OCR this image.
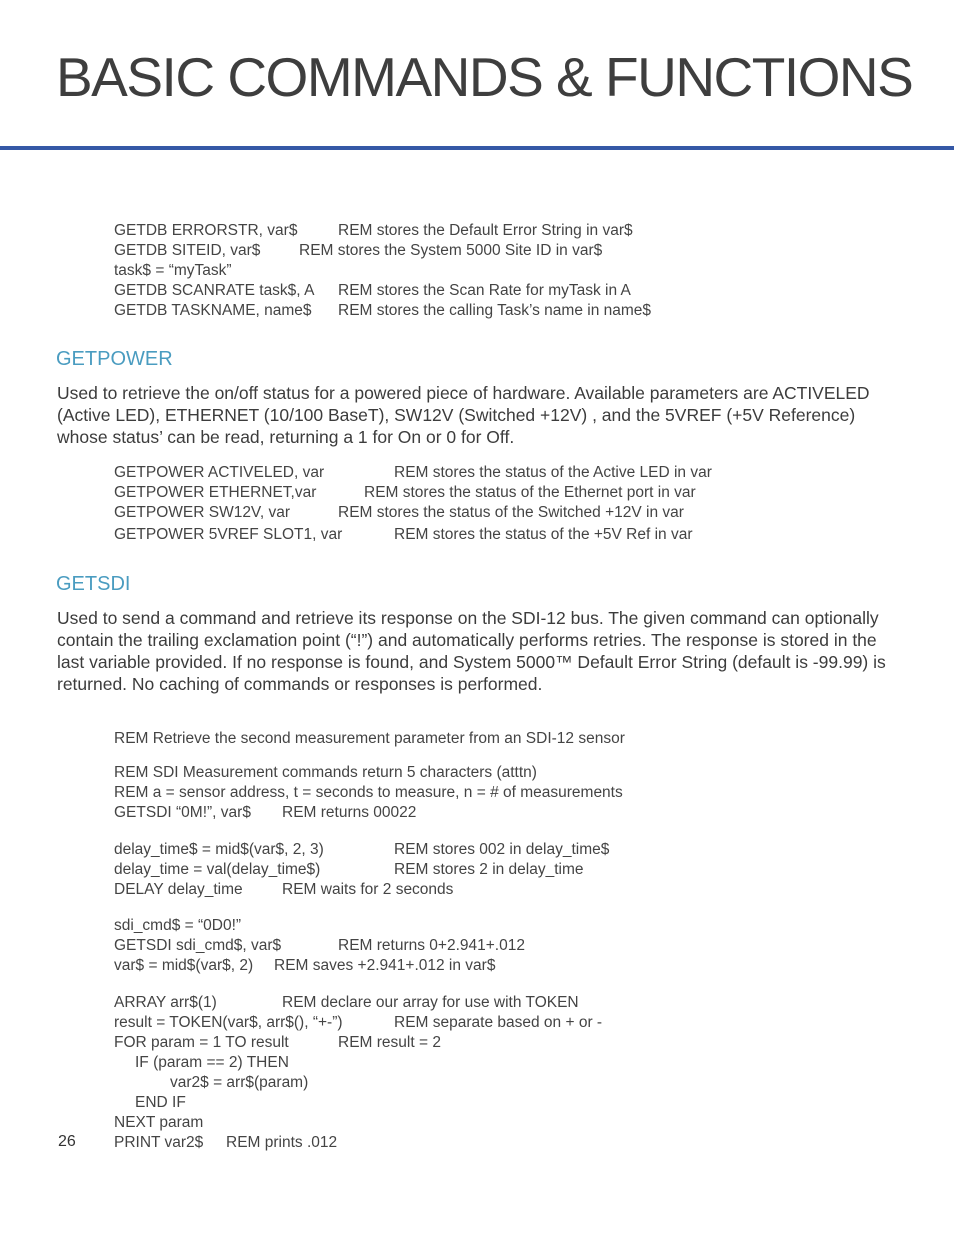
BASIC COMMANDS & FUNCTIONS
GETDB ERRORSTR, var$	REM stores the Default Error String in var$
GETDB SITEID, var$ REM stores the System 5000 Site ID in var$
task$ = “myTask”
GETDB SCANRATE task$, A REM stores the Scan Rate for myTask in A
GETDB TASKNAME, name$ REM stores the calling Task’s name in name$
GETPOWER
Used to retrieve the on/off status for a powered piece of hardware. Available parameters are ACTIVELED (Active LED), ETHERNET (10/100 BaseT), SW12V (Switched +12V) , and the 5VREF (+5V Reference) whose status’ can be read, returning a 1 for On or 0 for Off.
GETPOWER ACTIVELED, var	REM stores the status of the Active LED in var
GETPOWER ETHERNET,var	REM stores the status of the Ethernet port in var
GETPOWER SW12V, var	REM stores the status of the Switched +12V in var
GETPOWER 5VREF SLOT1, var	REM stores the status of the +5V Ref in var
GETSDI
Used to send a command and retrieve its response on the SDI-12 bus. The given command can optionally contain the trailing exclamation point (“!”) and automatically performs retries. The response is stored in the last variable provided. If no response is found, and System 5000™ Default Error String (default is -99.99) is returned. No caching of commands or responses is performed.
REM Retrieve the second measurement parameter from an SDI-12 sensor
REM SDI Measurement commands return 5 characters (atttn)
REM a = sensor address, t = seconds to measure, n = # of measurements
GETSDI “0M!”, var$ REM returns 00022
delay_time$ = mid$(var$, 2, 3)	REM stores 002 in delay_time$
delay_time = val(delay_time$)	REM stores 2 in delay_time
DELAY delay_time	REM waits for 2 seconds
sdi_cmd$ = “0D0!”
GETSDI sdi_cmd$, var$	REM returns 0+2.941+.012
var$ = mid$(var$, 2) REM saves +2.941+.012 in var$
ARRAY arr$(1)	REM declare our array for use with TOKEN
result = TOKEN(var$, arr$(), “+-”)	REM separate based on + or -
FOR param = 1 TO result	REM result = 2
IF (param == 2) THEN
var2$ = arr$(param)
END IF
NEXT param
PRINT var2$ REM prints .012
26
